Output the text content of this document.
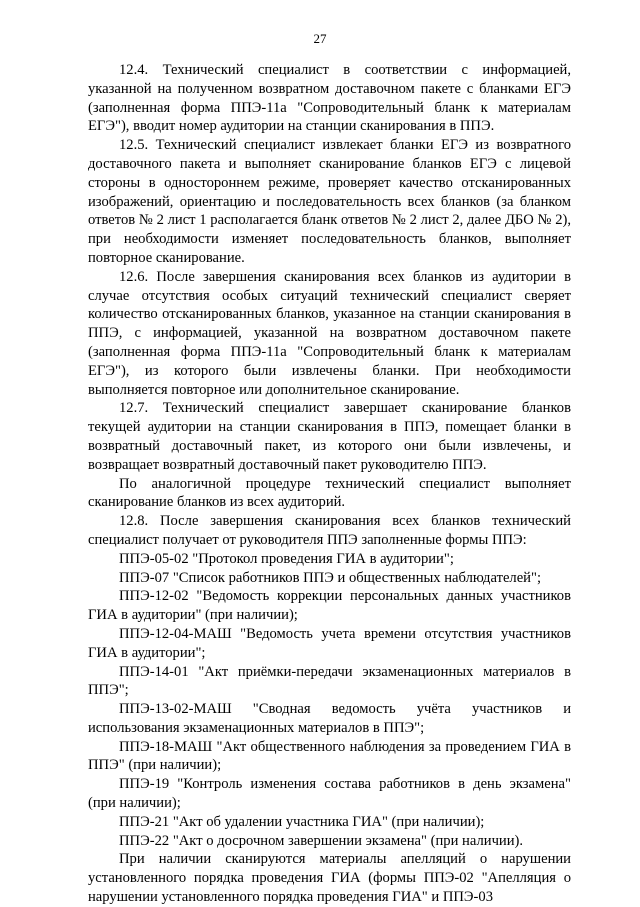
27

12.4. Технический специалист в соответствии с информацией, указанной на полученном возвратном доставочном пакете с бланками ЕГЭ (заполненная форма ППЭ-11а "Сопроводительный бланк к материалам ЕГЭ"), вводит номер аудитории на станции сканирования в ППЭ.

12.5. Технический специалист извлекает бланки ЕГЭ из возвратного доставочного пакета и выполняет сканирование бланков ЕГЭ с лицевой стороны в одностороннем режиме, проверяет качество отсканированных изображений, ориентацию и последовательность всех бланков (за бланком ответов № 2 лист 1 располагается бланк ответов № 2 лист 2, далее ДБО № 2), при необходимости изменяет последовательность бланков, выполняет повторное сканирование.

12.6. После завершения сканирования всех бланков из аудитории в случае отсутствия особых ситуаций технический специалист сверяет количество отсканированных бланков, указанное на станции сканирования в ППЭ, с информацией, указанной на возвратном доставочном пакете (заполненная форма ППЭ-11а "Сопроводительный бланк к материалам ЕГЭ"), из которого были извлечены бланки. При необходимости выполняется повторное или дополнительное сканирование.

12.7. Технический специалист завершает сканирование бланков текущей аудитории на станции сканирования в ППЭ, помещает бланки в возвратный доставочный пакет, из которого они были извлечены, и возвращает возвратный доставочный пакет руководителю ППЭ.

По аналогичной процедуре технический специалист выполняет сканирование бланков из всех аудиторий.

12.8. После завершения сканирования всех бланков технический специалист получает от руководителя ППЭ заполненные формы ППЭ:

ППЭ-05-02 "Протокол проведения ГИА в аудитории";

ППЭ-07 "Список работников ППЭ и общественных наблюдателей";

ППЭ-12-02 "Ведомость коррекции персональных данных участников ГИА в аудитории" (при наличии);

ППЭ-12-04-МАШ "Ведомость учета времени отсутствия участников ГИА в аудитории";

ППЭ-14-01 "Акт приёмки-передачи экзаменационных материалов в ППЭ";

ППЭ-13-02-МАШ "Сводная ведомость учёта участников и использования экзаменационных материалов в ППЭ";

ППЭ-18-МАШ "Акт общественного наблюдения за проведением ГИА в ППЭ" (при наличии);

ППЭ-19 "Контроль изменения состава работников в день экзамена" (при наличии);

ППЭ-21 "Акт об удалении участника ГИА" (при наличии);

ППЭ-22 "Акт о досрочном завершении экзамена" (при наличии).

При наличии сканируются материалы апелляций о нарушении установленного порядка проведения ГИА (формы ППЭ-02 "Апелляция о нарушении установленного порядка проведения ГИА" и ППЭ-03
